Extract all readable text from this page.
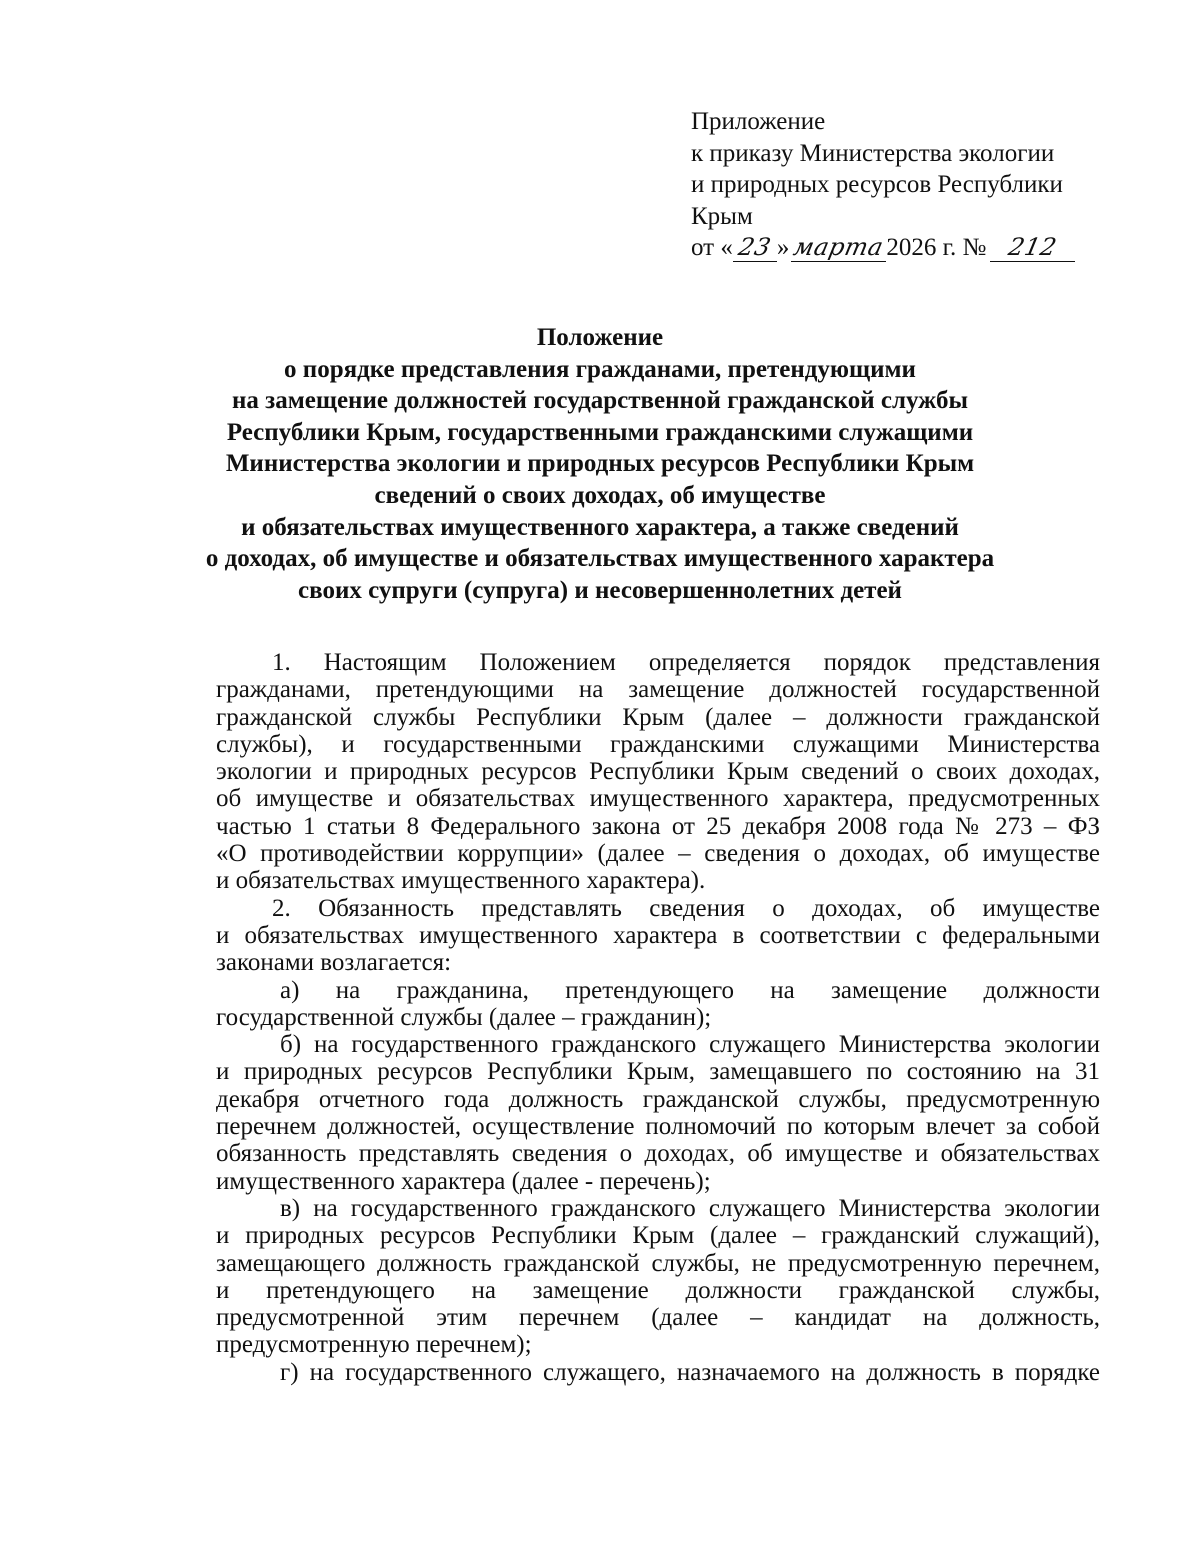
Приложение
к приказу Министерства экологии
и природных ресурсов Республики
Крым
от « 23 »марта2026 г. № 212
Положение
о порядке представления гражданами, претендующими
на замещение должностей государственной гражданской службы
Республики Крым, государственными гражданскими служащими
Министерства экологии и природных ресурсов Республики Крым
сведений о своих доходах, об имуществе
и обязательствах имущественного характера, а также сведений
о доходах, об имуществе и обязательствах имущественного характера
своих супруги (супруга) и несовершеннолетних детей
1. Настоящим Положением определяется порядок представления
гражданами, претендующими на замещение должностей государственной
гражданской службы Республики Крым (далее – должности гражданской
службы), и государственными гражданскими служащими Министерства
экологии и природных ресурсов Республики Крым сведений о своих доходах,
об имуществе и обязательствах имущественного характера, предусмотренных
частью 1 статьи 8 Федерального закона от 25 декабря 2008 года № 273 – ФЗ
«О противодействии коррупции» (далее – сведения о доходах, об имуществе
и обязательствах имущественного характера).
2. Обязанность представлять сведения о доходах, об имуществе
и обязательствах имущественного характера в соответствии с федеральными
законами возлагается:
а) на гражданина, претендующего на замещение должности
государственной службы (далее – гражданин);
б) на государственного гражданского служащего Министерства экологии
и природных ресурсов Республики Крым, замещавшего по состоянию на 31
декабря отчетного года должность гражданской службы, предусмотренную
перечнем должностей, осуществление полномочий по которым влечет за собой
обязанность представлять сведения о доходах, об имуществе и обязательствах
имущественного характера (далее - перечень);
в) на государственного гражданского служащего Министерства экологии
и природных ресурсов Республики Крым (далее – гражданский служащий),
замещающего должность гражданской службы, не предусмотренную перечнем,
и претендующего на замещение должности гражданской службы,
предусмотренной этим перечнем (далее – кандидат на должность,
предусмотренную перечнем);
г) на государственного служащего, назначаемого на должность в порядке
